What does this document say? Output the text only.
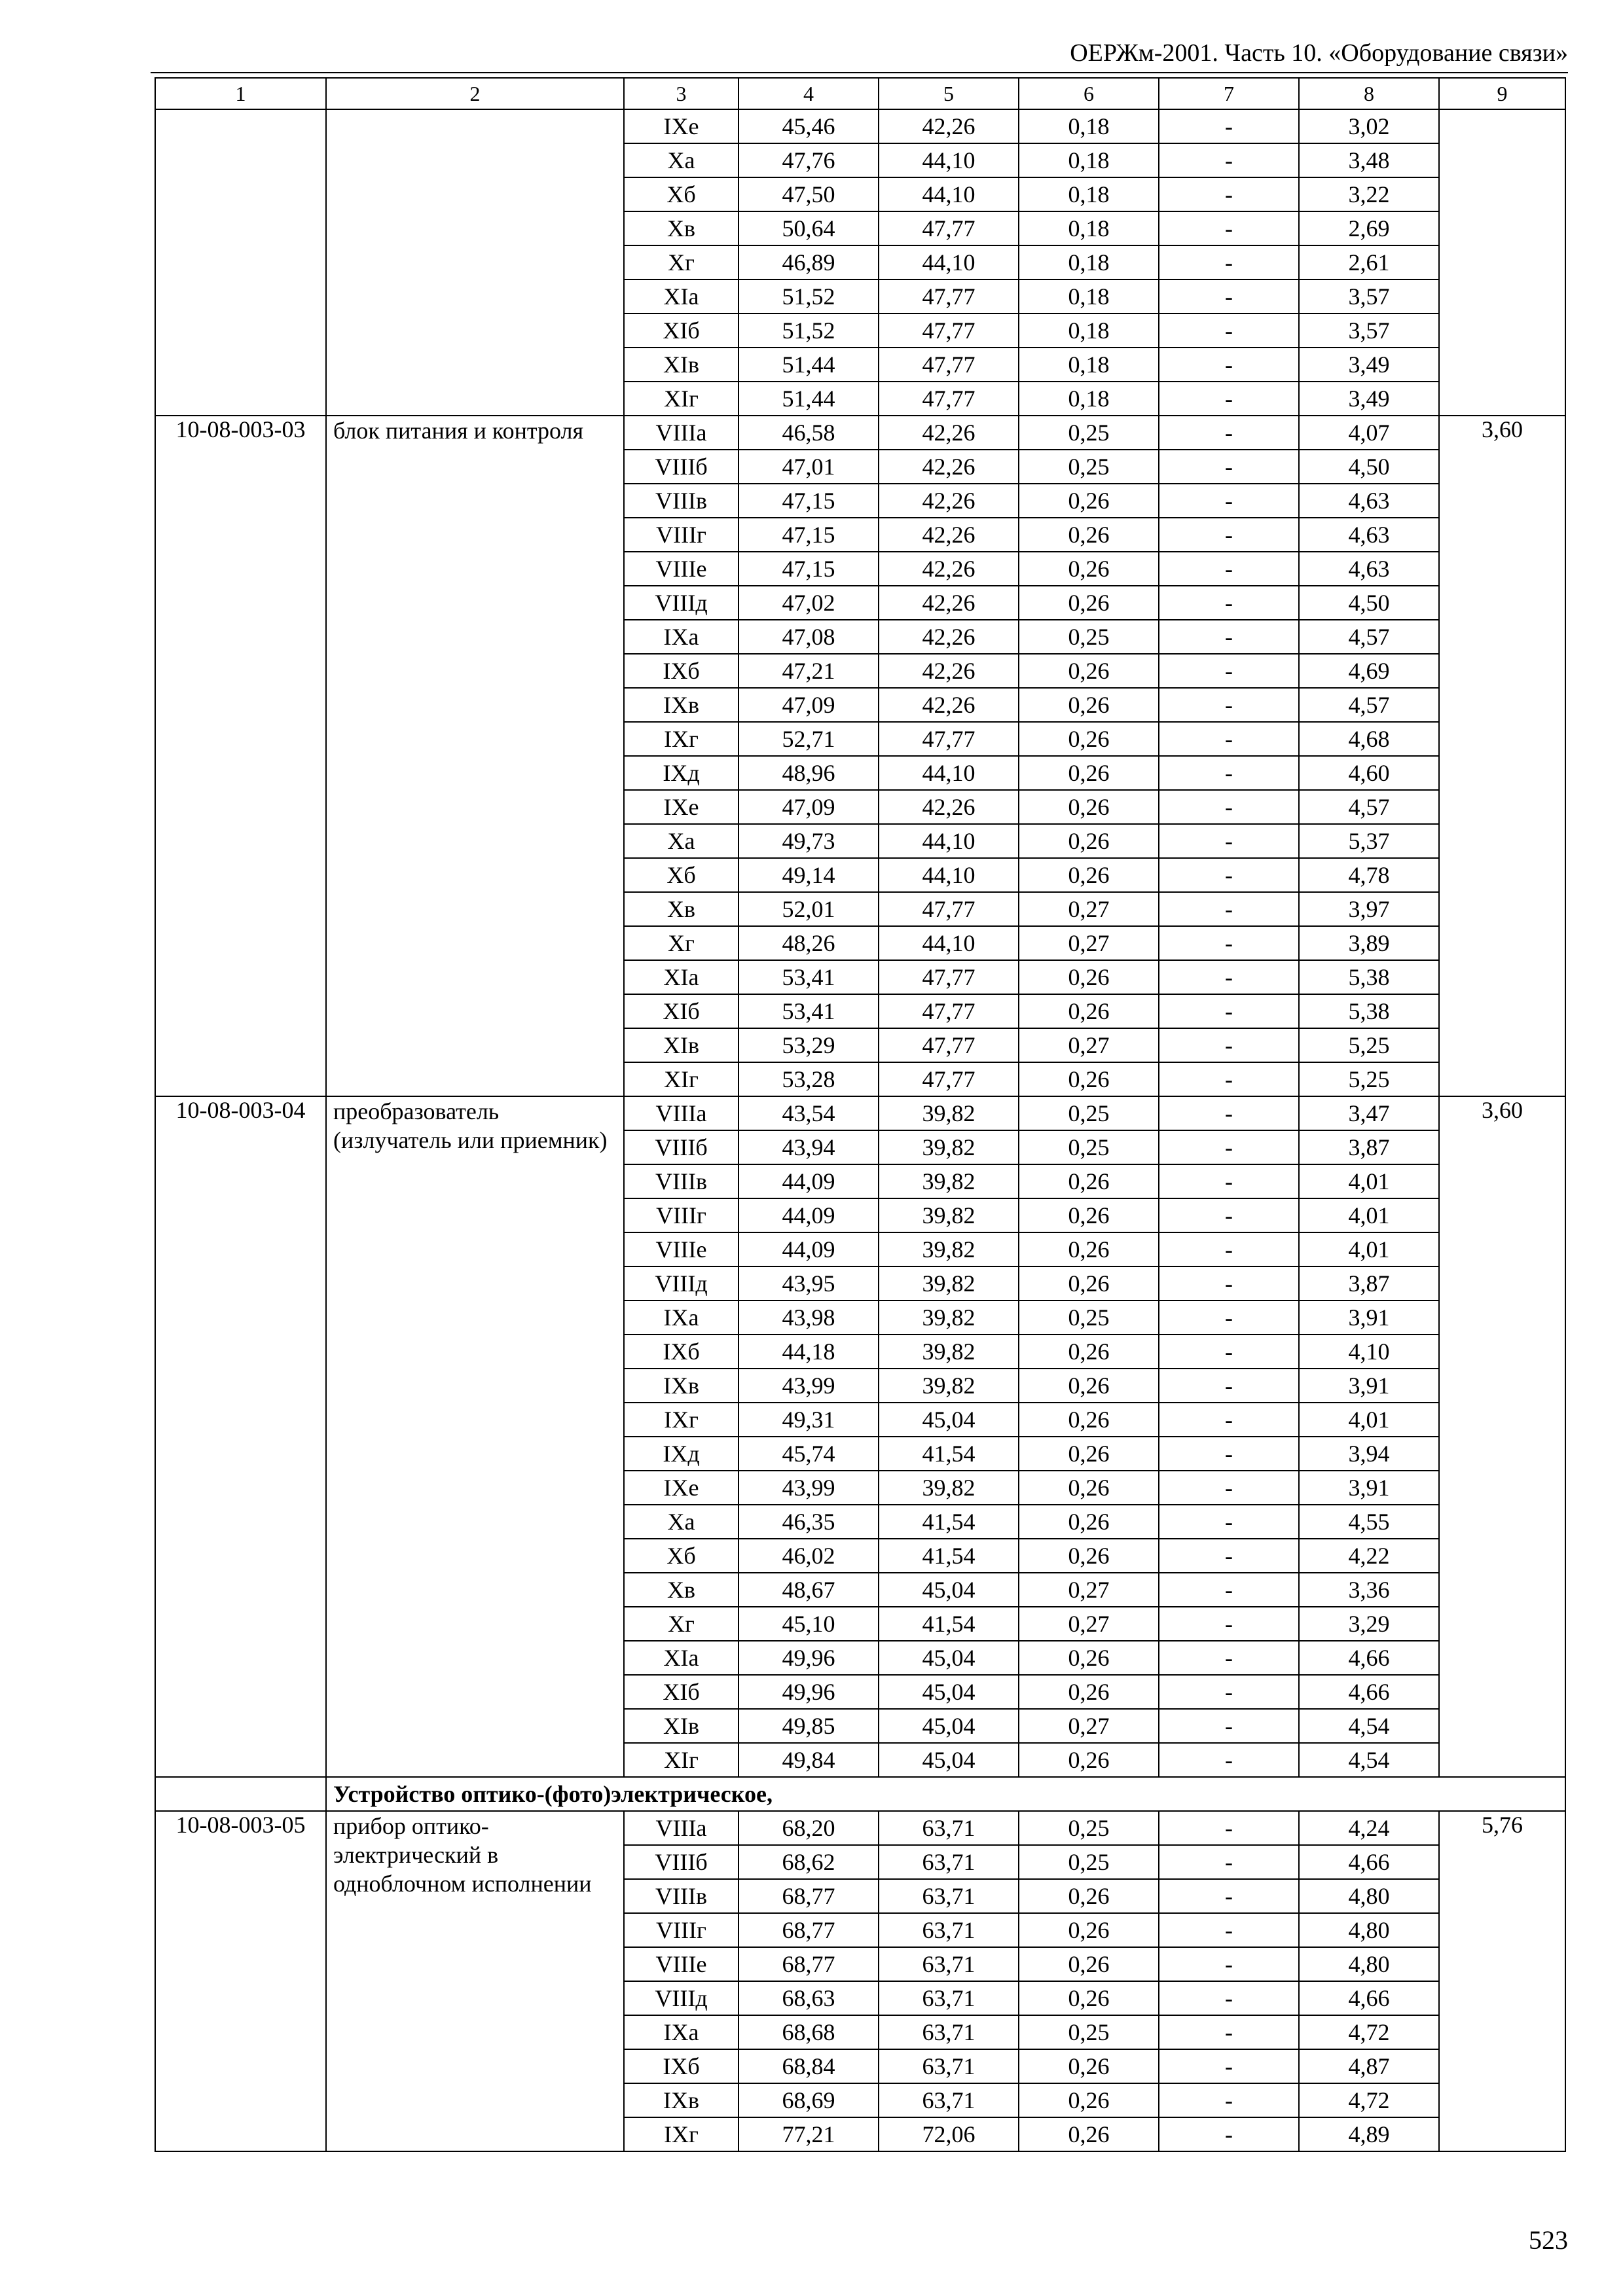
ОЕРЖм-2001. Часть 10. «Оборудование связи»
1	2	3	4	5	6	7	8	9
		IXе	45,46	42,26	0,18	-	3,02	
		Xа	47,76	44,10	0,18	-	3,48	
		Xб	47,50	44,10	0,18	-	3,22	
		Xв	50,64	47,77	0,18	-	2,69	
		Xг	46,89	44,10	0,18	-	2,61	
		XIа	51,52	47,77	0,18	-	3,57	
		XIб	51,52	47,77	0,18	-	3,57	
		XIв	51,44	47,77	0,18	-	3,49	
		XIг	51,44	47,77	0,18	-	3,49	
10-08-003-03	блок питания и контроля	VIIIа	46,58	42,26	0,25	-	4,07	3,60
		VIIIб	47,01	42,26	0,25	-	4,50	
		VIIIв	47,15	42,26	0,26	-	4,63	
		VIIIг	47,15	42,26	0,26	-	4,63	
		VIIIе	47,15	42,26	0,26	-	4,63	
		VIIIд	47,02	42,26	0,26	-	4,50	
		IXа	47,08	42,26	0,25	-	4,57	
		IXб	47,21	42,26	0,26	-	4,69	
		IXв	47,09	42,26	0,26	-	4,57	
		IXг	52,71	47,77	0,26	-	4,68	
		IXд	48,96	44,10	0,26	-	4,60	
		IXе	47,09	42,26	0,26	-	4,57	
		Xа	49,73	44,10	0,26	-	5,37	
		Xб	49,14	44,10	0,26	-	4,78	
		Xв	52,01	47,77	0,27	-	3,97	
		Xг	48,26	44,10	0,27	-	3,89	
		XIа	53,41	47,77	0,26	-	5,38	
		XIб	53,41	47,77	0,26	-	5,38	
		XIв	53,29	47,77	0,27	-	5,25	
		XIг	53,28	47,77	0,26	-	5,25	
10-08-003-04	преобразователь (излучатель или приемник)	VIIIа	43,54	39,82	0,25	-	3,47	3,60
		VIIIб	43,94	39,82	0,25	-	3,87	
		VIIIв	44,09	39,82	0,26	-	4,01	
		VIIIг	44,09	39,82	0,26	-	4,01	
		VIIIе	44,09	39,82	0,26	-	4,01	
		VIIIд	43,95	39,82	0,26	-	3,87	
		IXа	43,98	39,82	0,25	-	3,91	
		IXб	44,18	39,82	0,26	-	4,10	
		IXв	43,99	39,82	0,26	-	3,91	
		IXг	49,31	45,04	0,26	-	4,01	
		IXд	45,74	41,54	0,26	-	3,94	
		IXе	43,99	39,82	0,26	-	3,91	
		Xа	46,35	41,54	0,26	-	4,55	
		Xб	46,02	41,54	0,26	-	4,22	
		Xв	48,67	45,04	0,27	-	3,36	
		Xг	45,10	41,54	0,27	-	3,29	
		XIа	49,96	45,04	0,26	-	4,66	
		XIб	49,96	45,04	0,26	-	4,66	
		XIв	49,85	45,04	0,27	-	4,54	
		XIг	49,84	45,04	0,26	-	4,54	
	Устройство оптико-(фото)электрическое,							
10-08-003-05	прибор оптико-электрический в одноблочном исполнении	VIIIа	68,20	63,71	0,25	-	4,24	5,76
		VIIIб	68,62	63,71	0,25	-	4,66	
		VIIIв	68,77	63,71	0,26	-	4,80	
		VIIIг	68,77	63,71	0,26	-	4,80	
		VIIIе	68,77	63,71	0,26	-	4,80	
		VIIIд	68,63	63,71	0,26	-	4,66	
		IXа	68,68	63,71	0,25	-	4,72	
		IXб	68,84	63,71	0,26	-	4,87	
		IXв	68,69	63,71	0,26	-	4,72	
		IXг	77,21	72,06	0,26	-	4,89	
523
